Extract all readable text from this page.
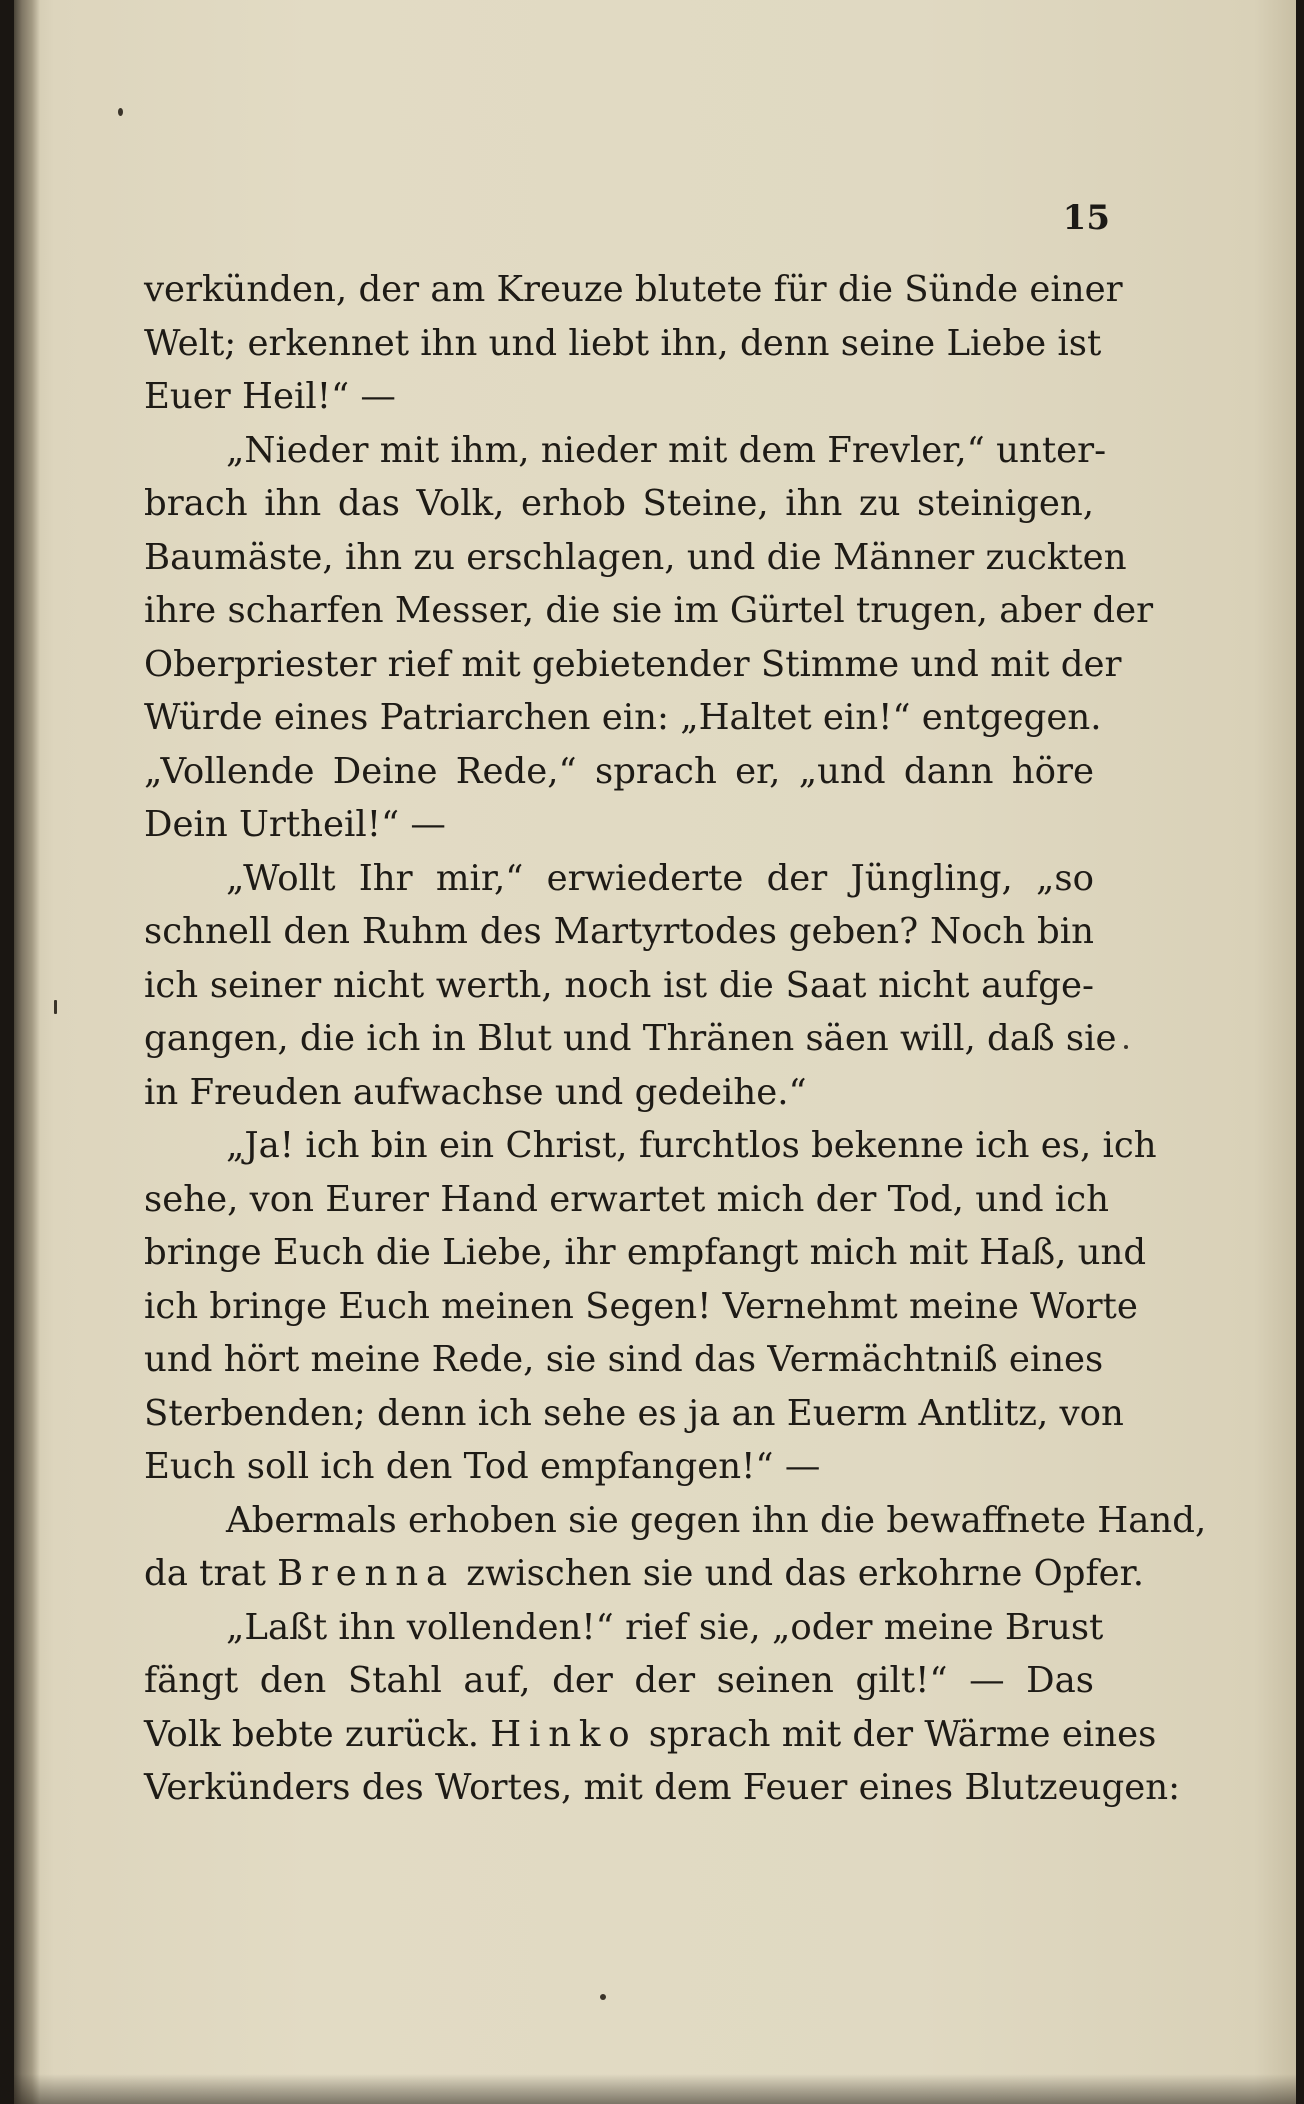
15
verkünden, der am Kreuze blutete für die Sünde einer
Welt; erkennet ihn und liebt ihn, denn seine Liebe ist
Euer Heil!“ —
„Nieder mit ihm, nieder mit dem Frevler,“ unter-
brach ihn das Volk, erhob Steine, ihn zu steinigen,
Baumäste, ihn zu erschlagen, und die Männer zuckten
ihre scharfen Messer, die sie im Gürtel trugen, aber der
Oberpriester rief mit gebietender Stimme und mit der
Würde eines Patriarchen ein: „Haltet ein!“ entgegen.
„Vollende Deine Rede,“ sprach er, „und dann höre
Dein Urtheil!“ —
„Wollt Ihr mir,“ erwiederte der Jüngling, „so
schnell den Ruhm des Martyrtodes geben? Noch bin
ich seiner nicht werth, noch ist die Saat nicht aufge-
gangen, die ich in Blut und Thränen säen will, daß sie
in Freuden aufwachse und gedeihe.“
„Ja! ich bin ein Christ, furchtlos bekenne ich es, ich
sehe, von Eurer Hand erwartet mich der Tod, und ich
bringe Euch die Liebe, ihr empfangt mich mit Haß, und
ich bringe Euch meinen Segen! Vernehmt meine Worte
und hört meine Rede, sie sind das Vermächtniß eines
Sterbenden; denn ich sehe es ja an Euerm Antlitz, von
Euch soll ich den Tod empfangen!“ —
Abermals erhoben sie gegen ihn die bewaffnete Hand,
da trat Brenna zwischen sie und das erkohrne Opfer.
„Laßt ihn vollenden!“ rief sie, „oder meine Brust
fängt den Stahl auf, der der seinen gilt!“ — Das
Volk bebte zurück. Hinko sprach mit der Wärme eines
Verkünders des Wortes, mit dem Feuer eines Blutzeugen:
